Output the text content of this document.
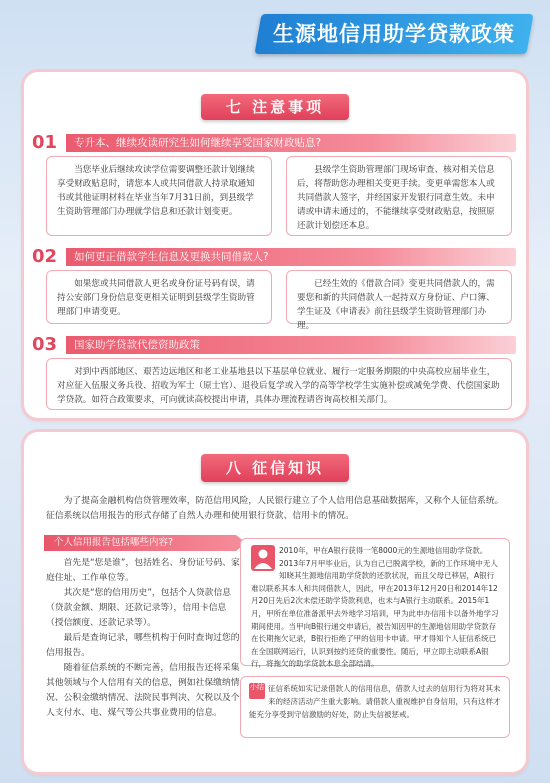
生源地信用助学贷款政策
七 注意事项
01	专升本、继续攻读研究生如何继续享受国家财政贴息?
当您毕业后继续攻读学位需要调整还款计划继续享受财政贴息时，请您本人或共同借款人持录取通知书或其他证明材料在毕业当年7月31日前，到县级学生资助管理部门办理就学信息和还款计划变更。
县级学生资助管理部门现场审查、核对相关信息后，将帮助您办理相关变更手续。变更单需您本人或共同借款人签字，并经国家开发银行同意生效。未申请或申请未通过的，不能继续享受财政贴息，按照原还款计划偿还本息。
02	如何更正借款学生信息及更换共同借款人?
如果您或共同借款人更名或身份证号码有误，请持公安部门身份信息变更相关证明到县级学生资助管理部门申请变更。
已经生效的《借款合同》变更共同借款人的，需要您和新的共同借款人一起持双方身份证、户口簿、学生证及《申请表》前往县级学生资助管理部门办理。
03	国家助学贷款代偿资助政策
对到中西部地区、艰苦边远地区和老工业基地县以下基层单位就业、履行一定服务期限的中央高校应届毕业生，对应征入伍服义务兵役、招收为军士（原士官）、退役后复学或入学的高等学校学生实施补偿或减免学费、代偿国家助学贷款。如符合政策要求，可向就读高校提出申请，具体办理流程请咨询高校相关部门。
八 征信知识
为了提高金融机构信贷管理效率，防范信用风险，人民银行建立了个人信用信息基础数据库，又称个人征信系统。征信系统以信用报告的形式存储了自然人办理和使用银行贷款、信用卡的情况。
个人信用报告包括哪些内容?

首先是“您是谁”，包括姓名、身份证号码、家庭住址、工作单位等。

其次是“您的信用历史”，包括个人贷款信息（贷款金额、期限、还款记录等），信用卡信息（授信额度、还款记录等）。

最后是查询记录，哪些机构于何时查询过您的信用报告。

随着征信系统的不断完善，信用报告还将采集其他领域与个人信用有关的信息，例如社保缴纳情况、公积金缴纳情况、法院民事判决、欠税以及个人支付水、电、煤气等公共事业费用的信息。

2010年，甲在A银行获得一笔8000元的生源地信用助学贷款。2013年7月甲毕业后，认为自己已脱离学校，新的工作环境中无人知晓其生源地信用助学贷款的还款状况，而且父母已移居，A银行难以联系其本人和共同借款人，因此，甲在2013年12月20日和2014年12月20日先后2次未偿还助学贷款利息，也未与A银行主动联系。2015年1月，甲所在单位准备派甲去外地学习培训，甲为此申办信用卡以备外地学习期间使用。当甲向B银行递交申请后，被告知因甲的生源地信用助学贷款存在长期拖欠记录，B银行拒绝了甲的信用卡申请。甲才得知个人征信系统已在全国联网运行，认识到按约还贷的重要性。随后，甲立即主动联系A银行，将拖欠的助学贷款本息全部结清。
小结 征信系统如实记录借款人的信用信息，借款人过去的信用行为将对其未来的经济活动产生重大影响。请借款人重视维护自身信用，只有这样才能充分享受到守信激励的好处，防止失信被惩戒。
